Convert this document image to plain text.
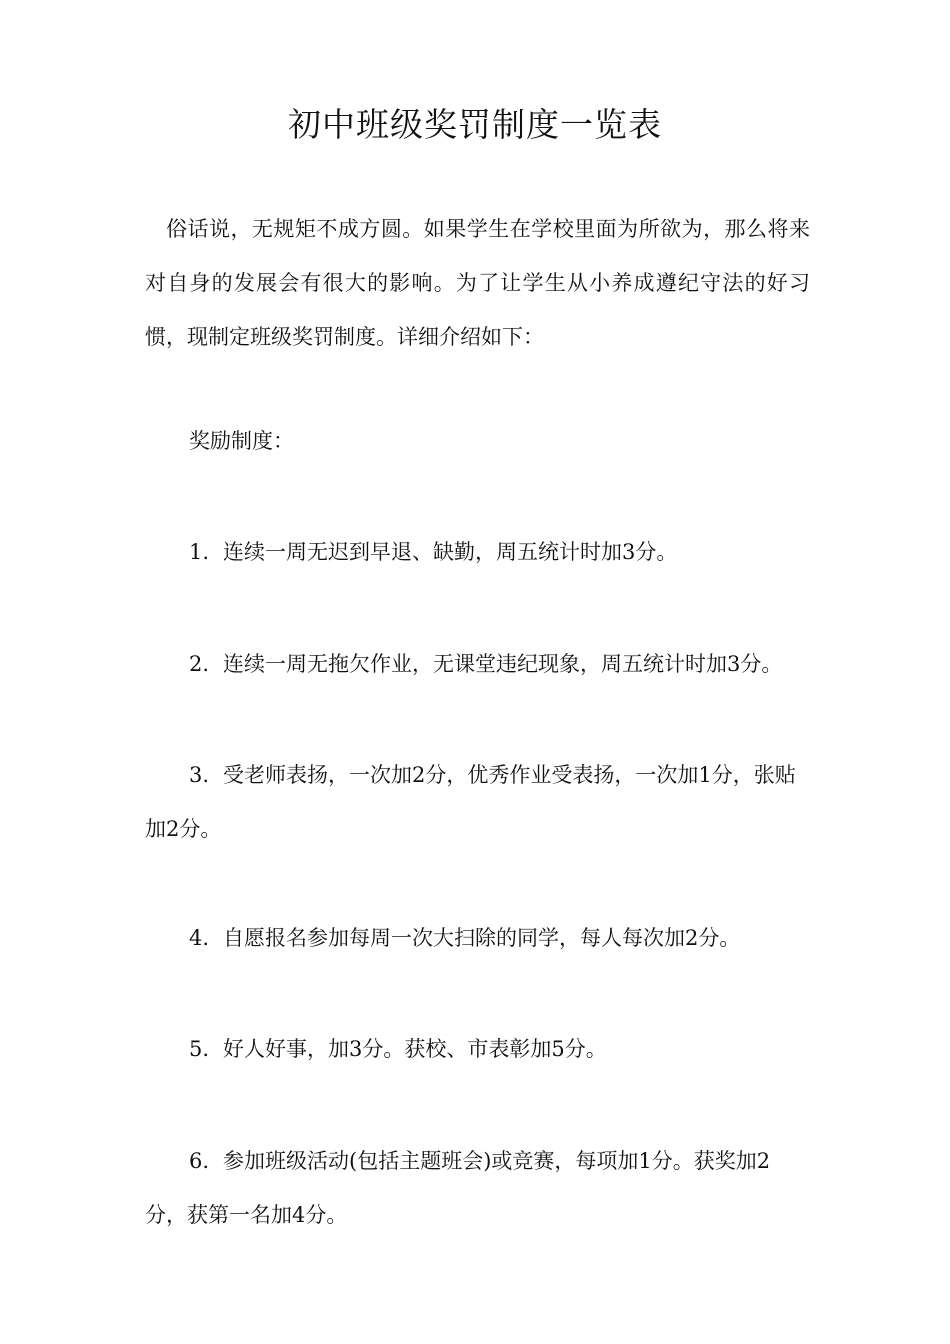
初中班级奖罚制度一览表

俗话说，无规矩不成方圆。如果学生在学校里面为所欲为，那么将来对自身的发展会有很大的影响。为了让学生从小养成遵纪守法的好习惯，现制定班级奖罚制度。详细介绍如下：

奖励制度：

1. 连续一周无迟到早退、缺勤，周五统计时加3分。

2. 连续一周无拖欠作业，无课堂违纪现象，周五统计时加3分。

3. 受老师表扬，一次加2分，优秀作业受表扬，一次加1分，张贴加2分。

4. 自愿报名参加每周一次大扫除的同学，每人每次加2分。

5. 好人好事，加3分。获校、市表彰加5分。

6. 参加班级活动(包括主题班会)或竞赛，每项加1分。获奖加2分，获第一名加4分。
